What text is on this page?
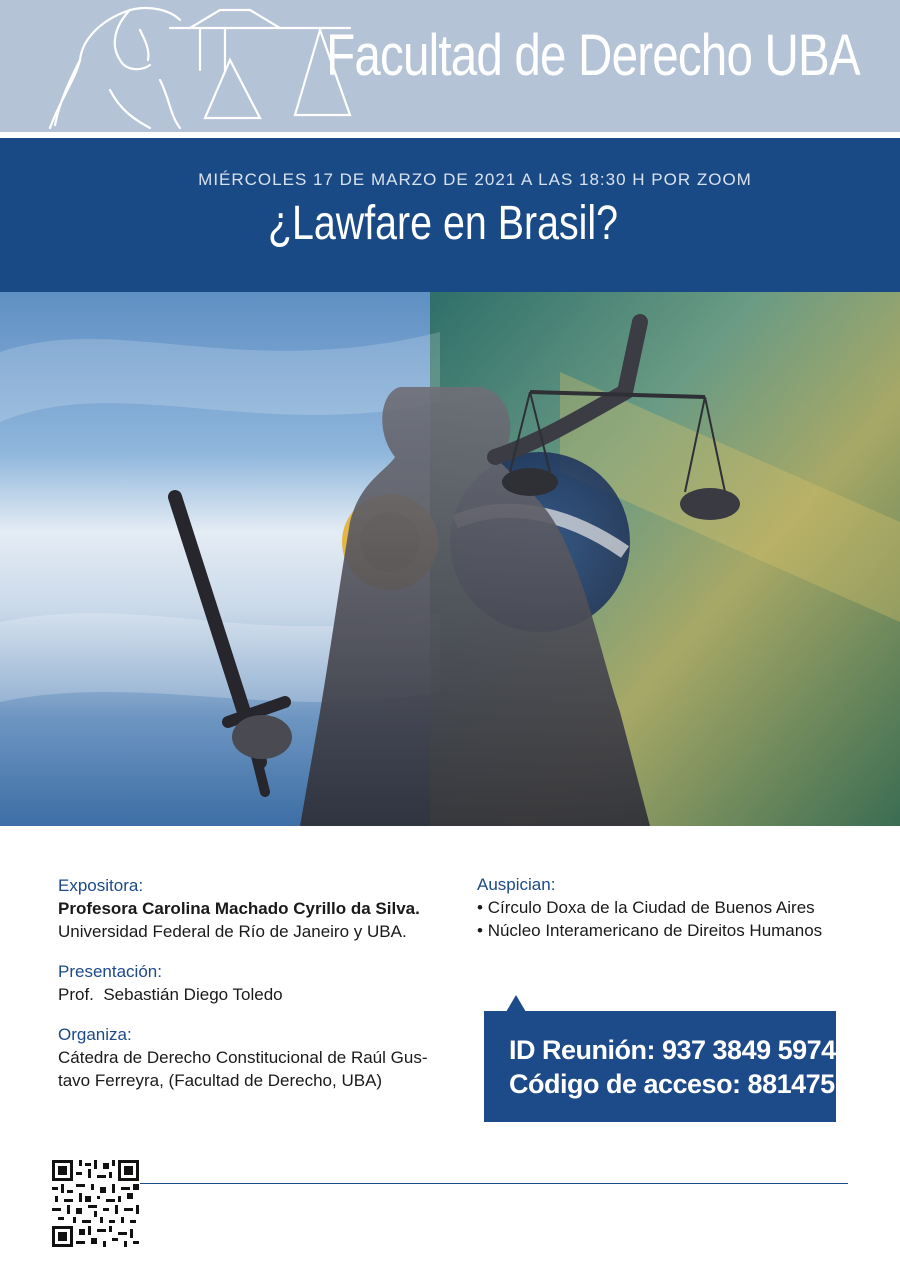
Facultad de Derecho UBA
MIÉRCOLES 17 DE MARZO DE 2021 A LAS 18:30 H POR ZOOM
¿Lawfare en Brasil?
Expositora:
Profesora Carolina Machado Cyrillo da Silva.
Universidad Federal de Río de Janeiro y UBA.
Presentación:
Prof.  Sebastián Diego Toledo
Organiza:
Cátedra de Derecho Constitucional de Raúl Gus-
tavo Ferreyra, (Facultad de Derecho, UBA)
Auspician:
• Círculo Doxa de la Ciudad de Buenos Aires
• Núcleo Interamericano de Direitos Humanos
ID Reunión: 937 3849 5974
Código de acceso: 881475
